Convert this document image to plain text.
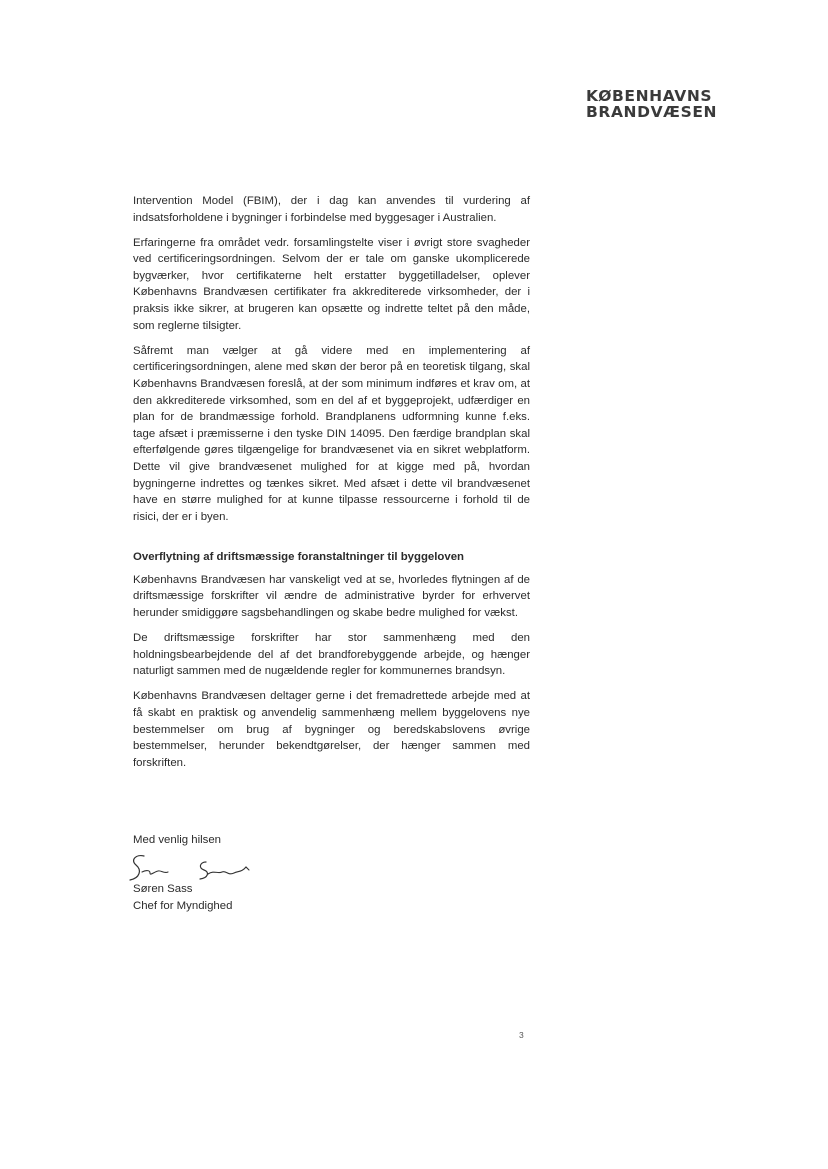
KØBENHAVNS
BRANDVÆSEN

Intervention Model (FBIM), der i dag kan anvendes til vurdering af indsatsforholdene i bygninger i forbindelse med byggesager i Australien.

Erfaringerne fra området vedr. forsamlingstelte viser i øvrigt store svagheder ved certificeringsordningen. Selvom der er tale om ganske ukomplicerede bygværker, hvor certifikaterne helt erstatter byggetilladelser, oplever Københavns Brandvæsen certifikater fra akkrediterede virksomheder, der i praksis ikke sikrer, at brugeren kan opsætte og indrette teltet på den måde, som reglerne tilsigter.

Såfremt man vælger at gå videre med en implementering af certificeringsordningen, alene med skøn der beror på en teoretisk tilgang, skal Københavns Brandvæsen foreslå, at der som minimum indføres et krav om, at den akkrediterede virksomhed, som en del af et byggeprojekt, udfærdiger en plan for de brandmæssige forhold. Brandplanens udformning kunne f.eks. tage afsæt i præmisserne i den tyske DIN 14095. Den færdige brandplan skal efterfølgende gøres tilgængelige for brandvæsenet via en sikret webplatform. Dette vil give brandvæsenet mulighed for at kigge med på, hvordan bygningerne indrettes og tænkes sikret. Med afsæt i dette vil brandvæsenet have en større mulighed for at kunne tilpasse ressourcerne i forhold til de risici, der er i byen.

Overflytning af driftsmæssige foranstaltninger til byggeloven

Københavns Brandvæsen har vanskeligt ved at se, hvorledes flytningen af de driftsmæssige forskrifter vil ændre de administrative byrder for erhvervet herunder smidiggøre sagsbehandlingen og skabe bedre mulighed for vækst.

De driftsmæssige forskrifter har stor sammenhæng med den holdningsbearbejdende del af det brandforebyggende arbejde, og hænger naturligt sammen med de nugældende regler for kommunernes brandsyn.

Københavns Brandvæsen deltager gerne i det fremadrettede arbejde med at få skabt en praktisk og anvendelig sammenhæng mellem byggelovens nye bestemmelser om brug af bygninger og beredskabslovens øvrige bestemmelser, herunder bekendtgørelser, der hænger sammen med forskriften.

Med venlig hilsen
Søren Sass
Chef for Myndighed
3
